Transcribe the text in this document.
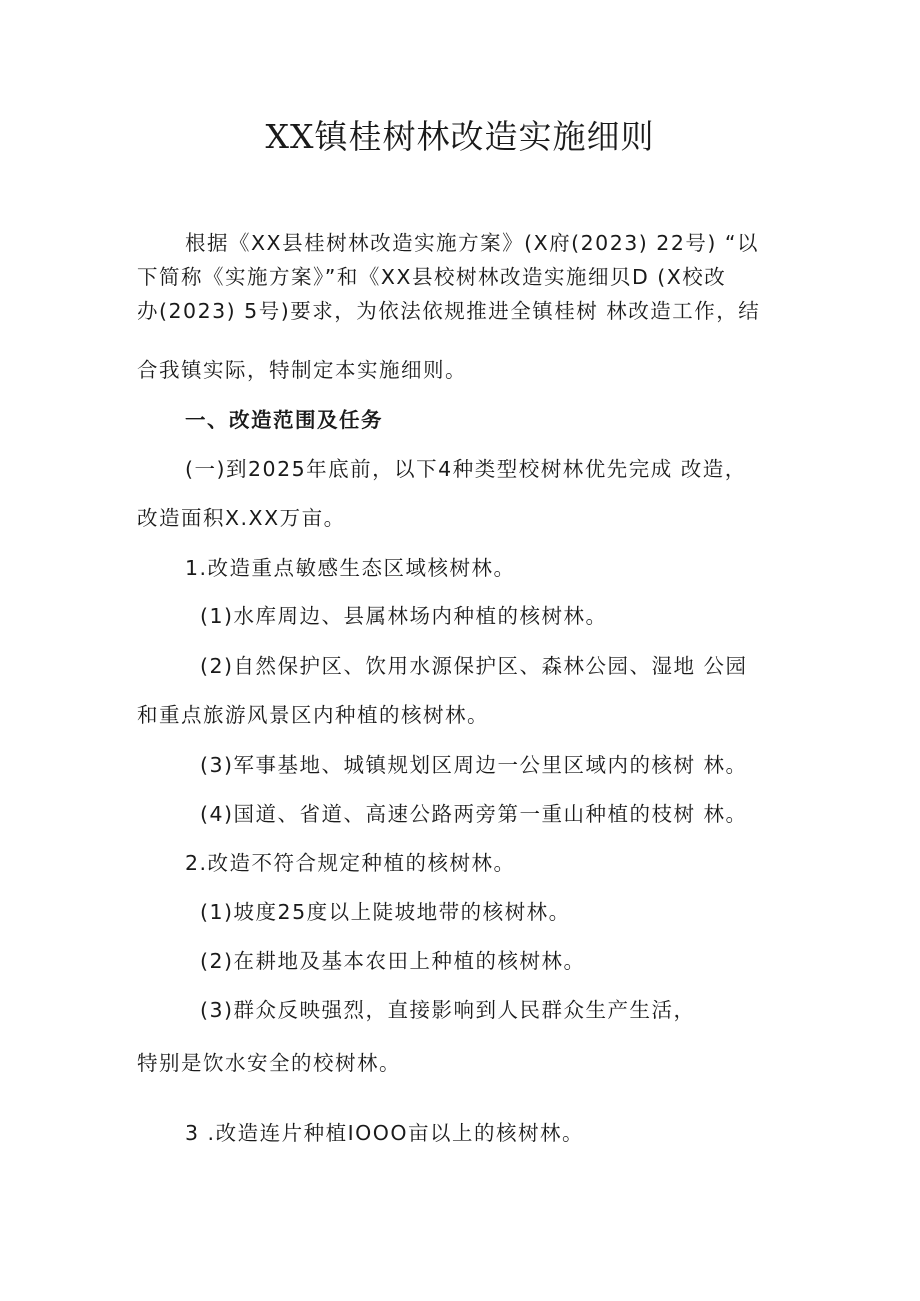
XX镇桂树林改造实施细则
根据《XX县桂树林改造实施方案》(X府(2023) 22号) “以
下简称《实施方案》”和《XX县校树林改造实施细贝D (X校改
办(2023) 5号)要求，为依法依规推进全镇桂树 林改造工作，结
合我镇实际，特制定本实施细则。
一、改造范围及任务
(一)到2025年底前，以下4种类型校树林优先完成 改造，
改造面积X.XX万亩。
1.改造重点敏感生态区域核树林。
(1)水库周边、县属林场内种植的核树林。
(2)自然保护区、饮用水源保护区、森林公园、湿地 公园
和重点旅游风景区内种植的核树林。
(3)军事基地、城镇规划区周边一公里区域内的核树 林。
(4)国道、省道、高速公路两旁第一重山种植的枝树 林。
2.改造不符合规定种植的核树林。
(1)坡度25度以上陡坡地带的核树林。
(2)在耕地及基本农田上种植的核树林。
(3)群众反映强烈，直接影响到人民群众生产生活，
特别是饮水安全的校树林。
3 .改造连片种植IOOO亩以上的核树林。
